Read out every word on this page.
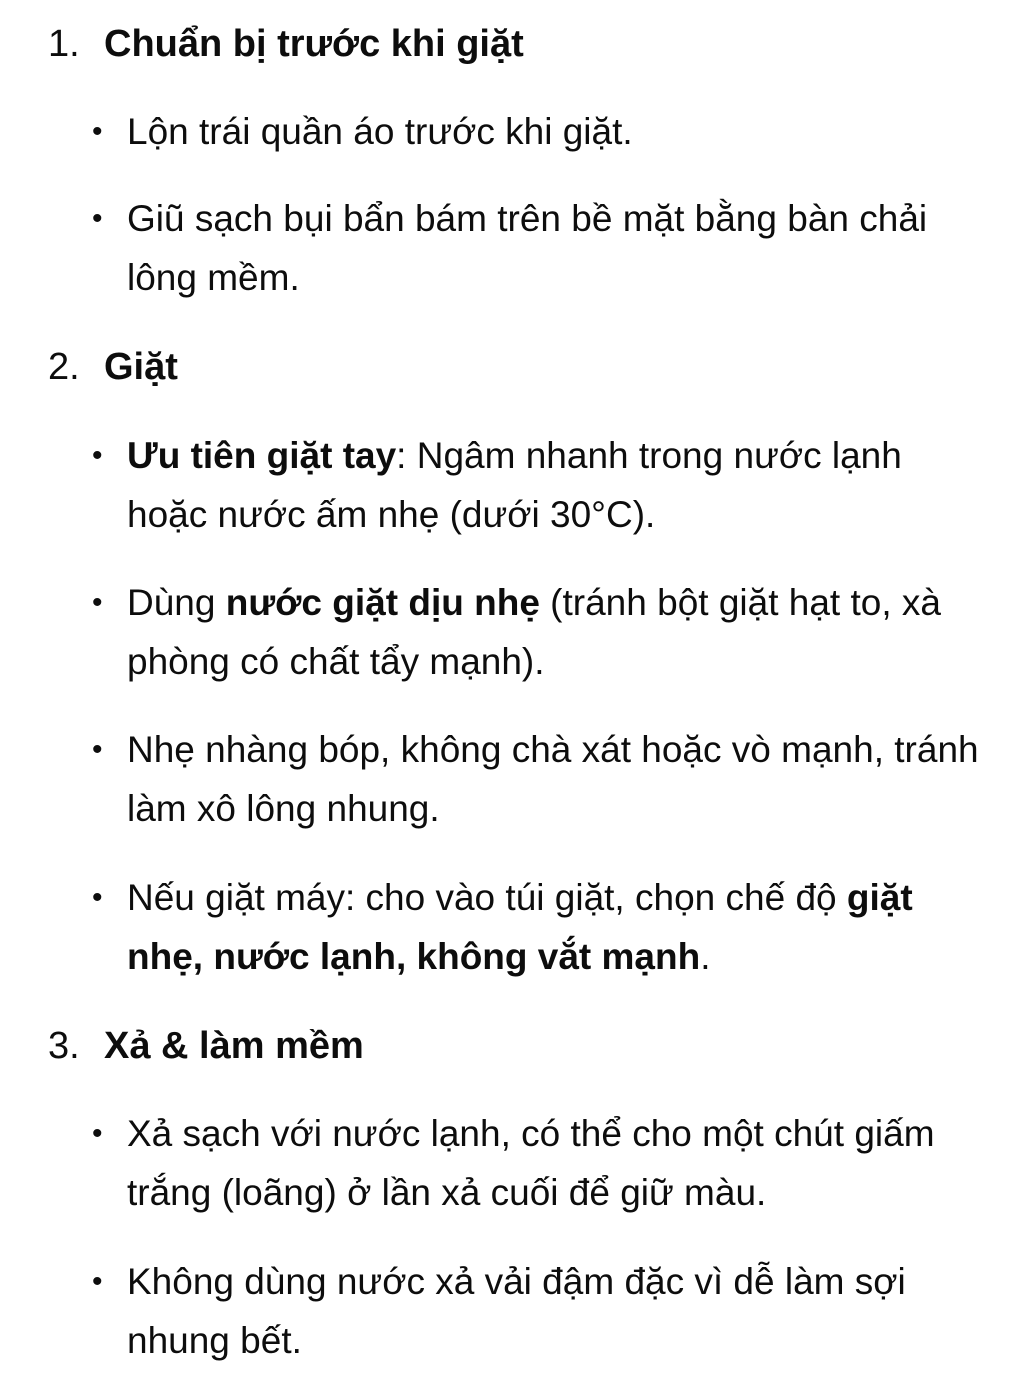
1. Chuẩn bị trước khi giặt
• Lộn trái quần áo trước khi giặt.
• Giũ sạch bụi bẩn bám trên bề mặt bằng bàn chải lông mềm.
2. Giặt
• Ưu tiên giặt tay: Ngâm nhanh trong nước lạnh hoặc nước ấm nhẹ (dưới 30°C).
• Dùng nước giặt dịu nhẹ (tránh bột giặt hạt to, xà phòng có chất tẩy mạnh).
• Nhẹ nhàng bóp, không chà xát hoặc vò mạnh, tránh làm xô lông nhung.
• Nếu giặt máy: cho vào túi giặt, chọn chế độ giặt nhẹ, nước lạnh, không vắt mạnh.
3. Xả & làm mềm
• Xả sạch với nước lạnh, có thể cho một chút giấm trắng (loãng) ở lần xả cuối để giữ màu.
• Không dùng nước xả vải đậm đặc vì dễ làm sợi nhung bết.
